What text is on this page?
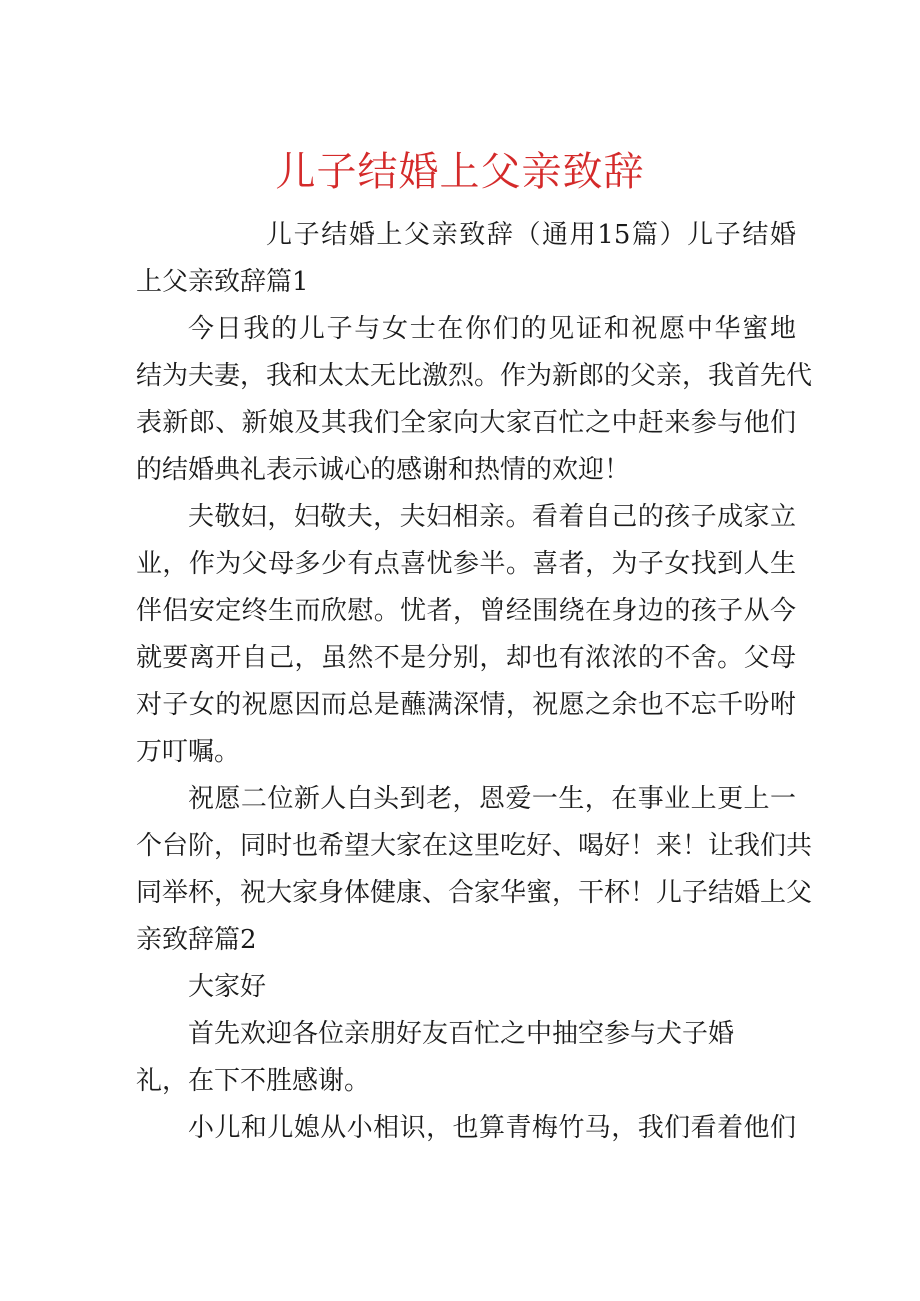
儿子结婚上父亲致辞
儿子结婚上父亲致辞（通用15篇）儿子结婚
上父亲致辞篇1
今日我的儿子与女士在你们的见证和祝愿中华蜜地
结为夫妻，我和太太无比激烈。作为新郎的父亲，我首先代
表新郎、新娘及其我们全家向大家百忙之中赶来参与他们
的结婚典礼表示诚心的感谢和热情的欢迎！
夫敬妇，妇敬夫，夫妇相亲。看着自己的孩子成家立
业，作为父母多少有点喜忧参半。喜者，为子女找到人生
伴侣安定终生而欣慰。忧者，曾经围绕在身边的孩子从今
就要离开自己，虽然不是分别，却也有浓浓的不舍。父母
对子女的祝愿因而总是蘸满深情，祝愿之余也不忘千吩咐
万叮嘱。
祝愿二位新人白头到老，恩爱一生，在事业上更上一
个台阶，同时也希望大家在这里吃好、喝好！来！让我们共
同举杯，祝大家身体健康、合家华蜜，干杯！儿子结婚上父
亲致辞篇2
大家好
首先欢迎各位亲朋好友百忙之中抽空参与犬子婚
礼，在下不胜感谢。
小儿和儿媳从小相识，也算青梅竹马，我们看着他们
